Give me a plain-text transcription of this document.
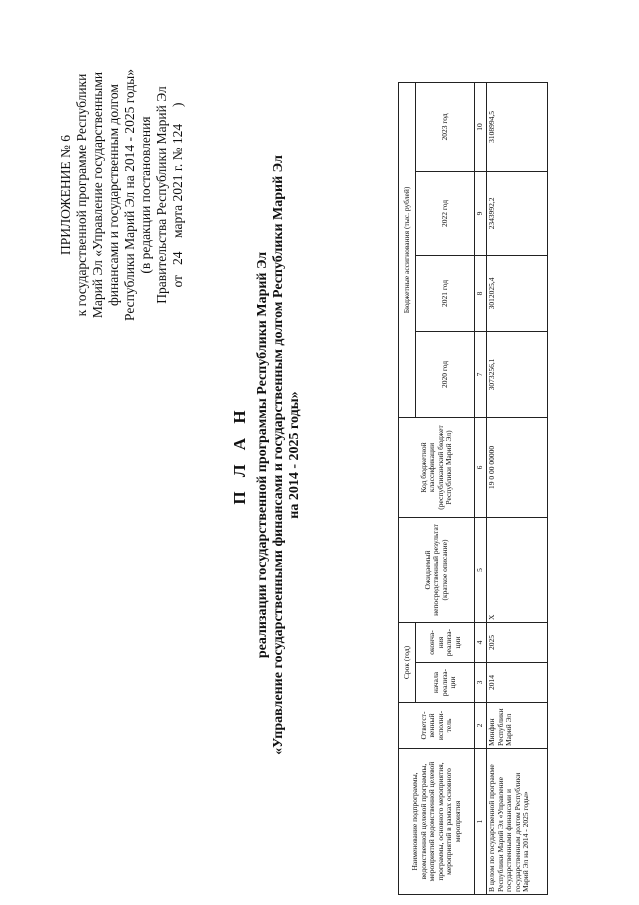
ПРИЛОЖЕНИЕ № 6 к государственной программе Республики Марий Эл «Управление государственными финансами и государственным долгом Республики Марий Эл на 2014 - 2025 годы» (в редакции постановления Правительства Республики Марий Эл от   24    марта 2021 г. № 124     )
П Л А Н реализации государственной программы Республики Марий Эл «Управление государственными финансами и государственным долгом Республики Марий Эл на 2014 - 2025 годы»
Наименование подпрограммы, ведомственной целевой программы, мероприятий ведомственной целевой программы, основного мероприятия, мероприятий в рамках основного мероприятия	Ответст-венный исполни-тель	Срок (год)		Ожидаемый непосредственный результат (краткое описание)	Код бюджетной классификации (республиканский бюджет Республики Марий Эл)	Бюджетные ассигнования (тыс. рублей)			
		начала реализа-ции	оконча-ния реализа-ции			2020 год	2021 год	2022 год	2023 год
1	2	3	4	5	6	7	8	9	10
В целом по государственной программе Республики Марий Эл «Управление государственными финансами и государственным долгом Республики Марий Эл на 2014 - 2025 годы»	Минфин Республики Марий Эл	2014	2025	X	19 0 00 00000	3073256,1	3012025,4	2343992,2	3108994,5
